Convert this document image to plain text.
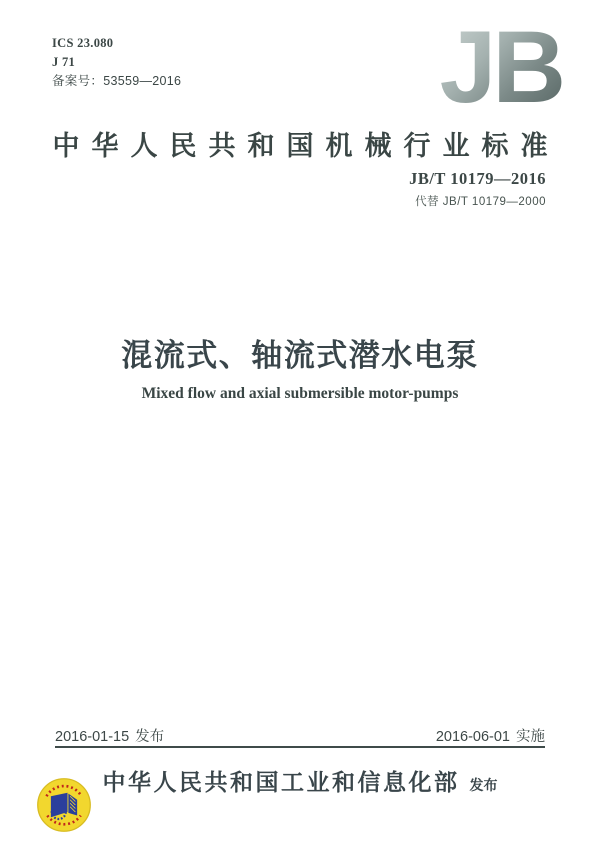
ICS 23.080
J 71
备案号：53559—2016	JB
中华人民共和国机械行业标准
JB/T 10179—2016
代替 JB/T 10179—2000
混流式、轴流式潜水电泵
Mixed flow and axial submersible motor-pumps
2016-01-15 发布	2016-06-01 实施
中华人民共和国工业和信息化部 发布
